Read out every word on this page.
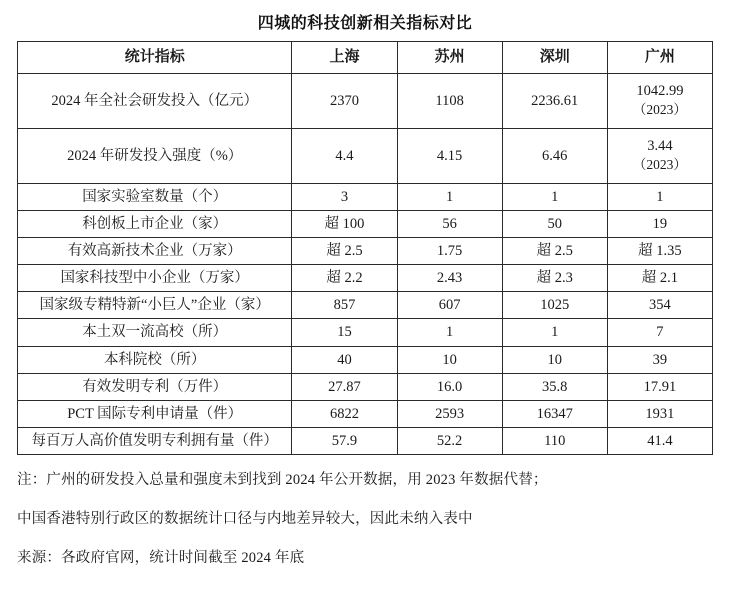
四城的科技创新相关指标对比
统计指标	上海	苏州	深圳	广州
2024 年全社会研发投入（亿元）	2370	1108	2236.61	1042.99
（2023）

2024 年研发投入强度（%）	4.4	4.15	6.46	3.44
（2023）

国家实验室数量（个）	3	1	1	1
科创板上市企业（家）	超 100	56	50	19
有效高新技术企业（万家）	超 2.5	1.75	超 2.5	超 1.35
国家科技型中小企业（万家）	超 2.2	2.43	超 2.3	超 2.1
国家级专精特新“小巨人”企业（家）	857	607	1025	354
本土双一流高校（所）	15	1	1	7
本科院校（所）	40	10	10	39
有效发明专利（万件）	27.87	16.0	35.8	17.91
PCT 国际专利申请量（件）	6822	2593	16347	1931
每百万人高价值发明专利拥有量（件）	57.9	52.2	110	41.4
注：广州的研发投入总量和强度未到找到 2024 年公开数据，用 2023 年数据代替；
中国香港特别行政区的数据统计口径与内地差异较大，因此未纳入表中
来源：各政府官网，统计时间截至 2024 年底
